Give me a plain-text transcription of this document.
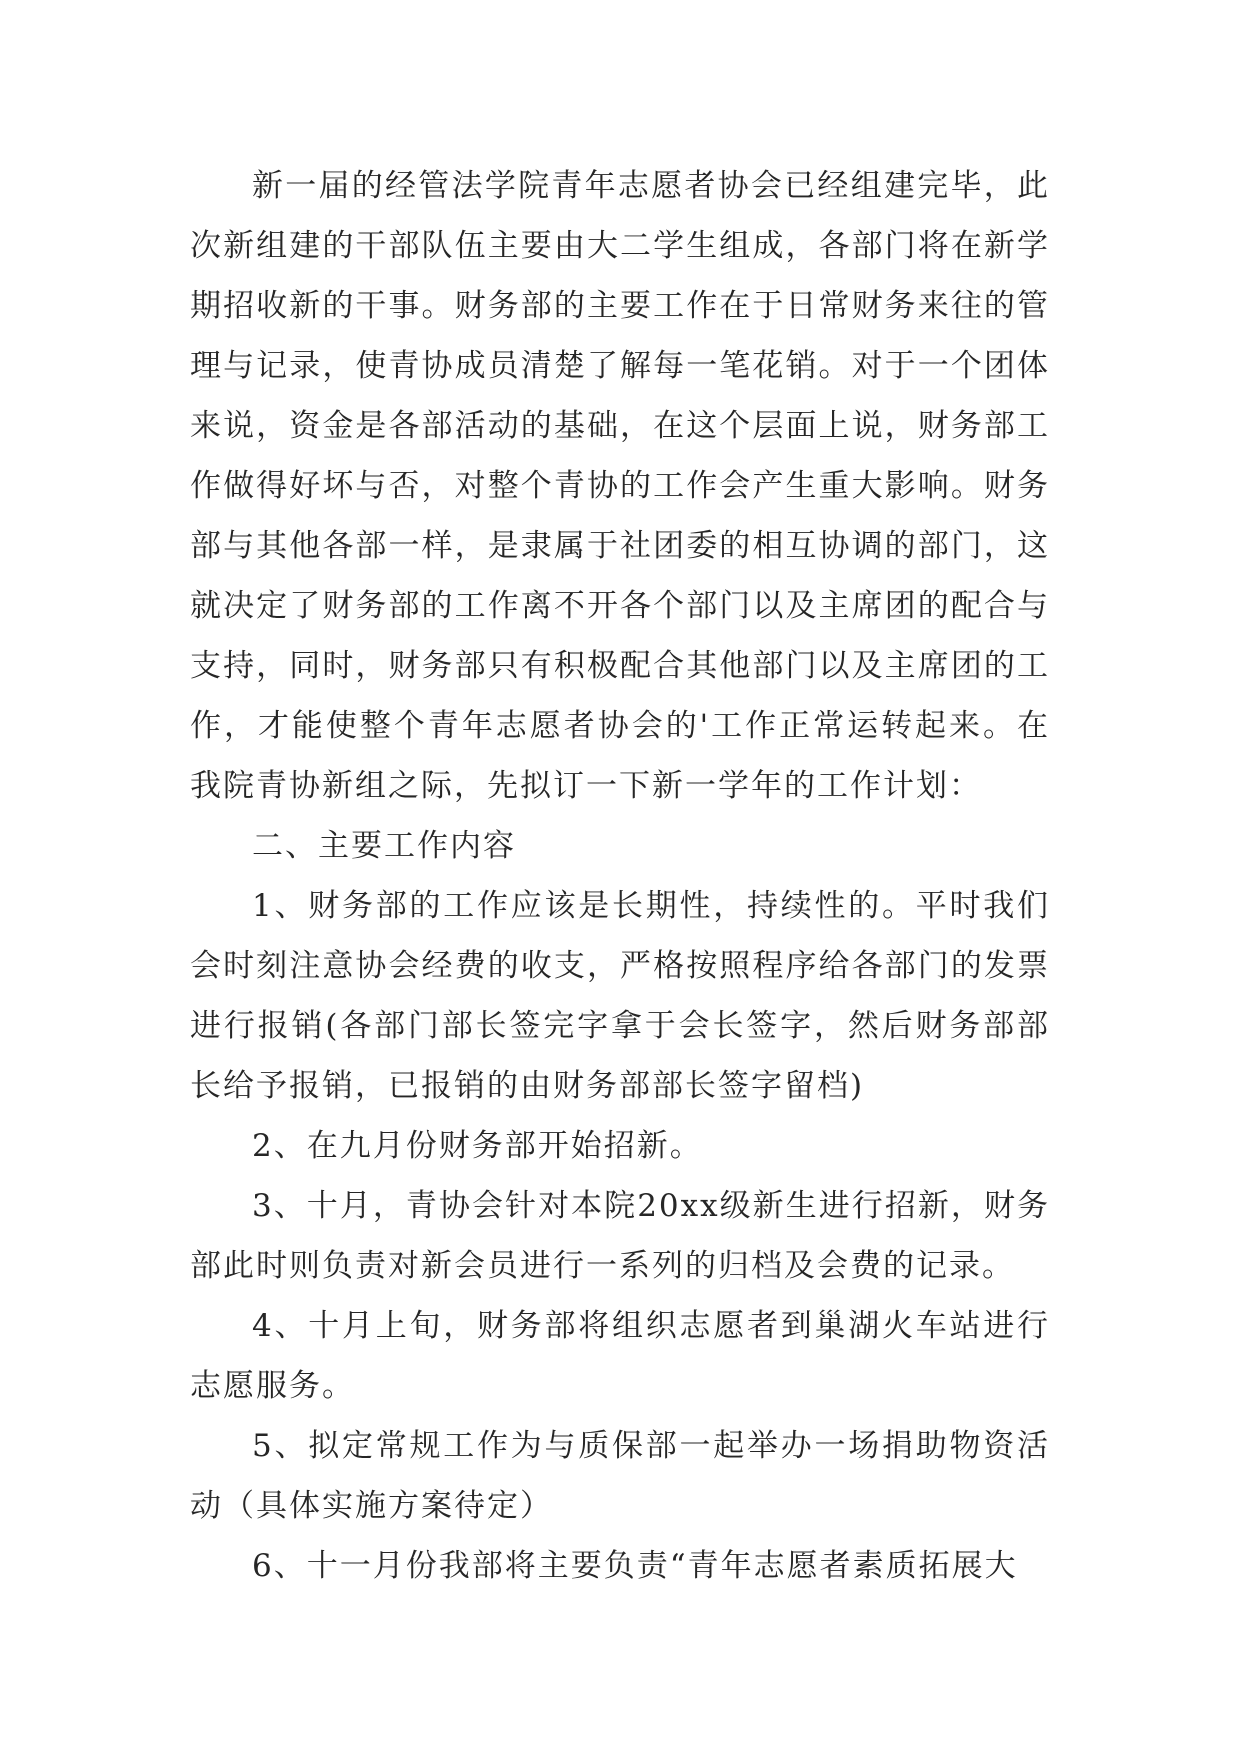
新一届的经管法学院青年志愿者协会已经组建完毕，此次新组建的干部队伍主要由大二学生组成，各部门将在新学期招收新的干事。财务部的主要工作在于日常财务来往的管理与记录，使青协成员清楚了解每一笔花销。对于一个团体来说，资金是各部活动的基础，在这个层面上说，财务部工作做得好坏与否，对整个青协的工作会产生重大影响。财务部与其他各部一样，是隶属于社团委的相互协调的部门，这就决定了财务部的工作离不开各个部门以及主席团的配合与支持，同时，财务部只有积极配合其他部门以及主席团的工作，才能使整个青年志愿者协会的'工作正常运转起来。在我院青协新组之际，先拟订一下新一学年的工作计划：

二、主要工作内容

1、财务部的工作应该是长期性，持续性的。平时我们会时刻注意协会经费的收支，严格按照程序给各部门的发票进行报销(各部门部长签完字拿于会长签字，然后财务部部长给予报销，已报销的由财务部部长签字留档)

2、在九月份财务部开始招新。

3、十月，青协会针对本院20xx级新生进行招新，财务部此时则负责对新会员进行一系列的归档及会费的记录。

4、十月上旬，财务部将组织志愿者到巢湖火车站进行志愿服务。

5、拟定常规工作为与质保部一起举办一场捐助物资活动（具体实施方案待定）

6、十一月份我部将主要负责“青年志愿者素质拓展大
